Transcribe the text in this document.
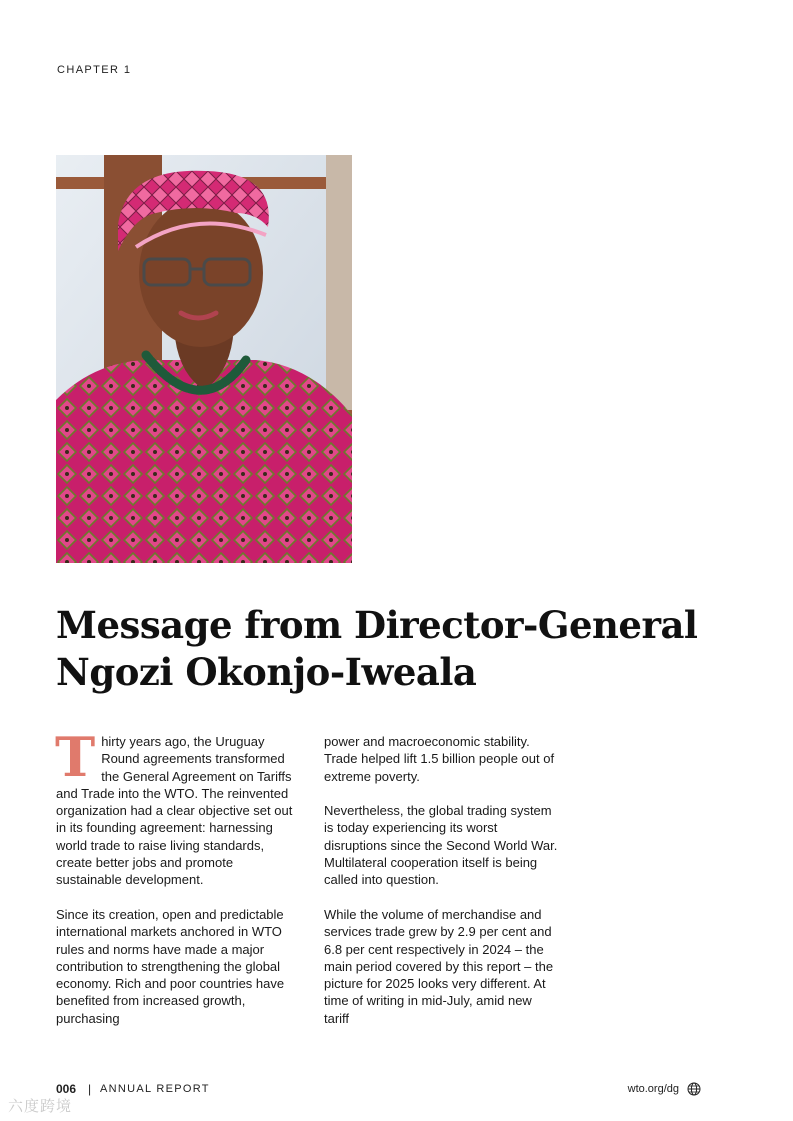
CHAPTER 1
Message from Director-General
Ngozi Okonjo-Iweala

Thirty years ago, the Uruguay Round agreements transformed the General Agreement on Tariffs and Trade into the WTO. The reinvented organization had a clear objective set out in its founding agreement: harnessing world trade to raise living standards, create better jobs and promote sustainable development.

Since its creation, open and predictable international markets anchored in WTO rules and norms have made a major contribution to strengthening the global economy. Rich and poor countries have benefited from increased growth, purchasing

power and macroeconomic stability. Trade helped lift 1.5 billion people out of extreme poverty.

Nevertheless, the global trading system is today experiencing its worst disruptions since the Second World War. Multilateral cooperation itself is being called into question.

While the volume of merchandise and services trade grew by 2.9 per cent and 6.8 per cent respectively in 2024 – the main period covered by this report – the picture for 2025 looks very different. At time of writing in mid-July, amid new tariff

006 | ANNUAL REPORT	wto.org/dg
六度跨境
